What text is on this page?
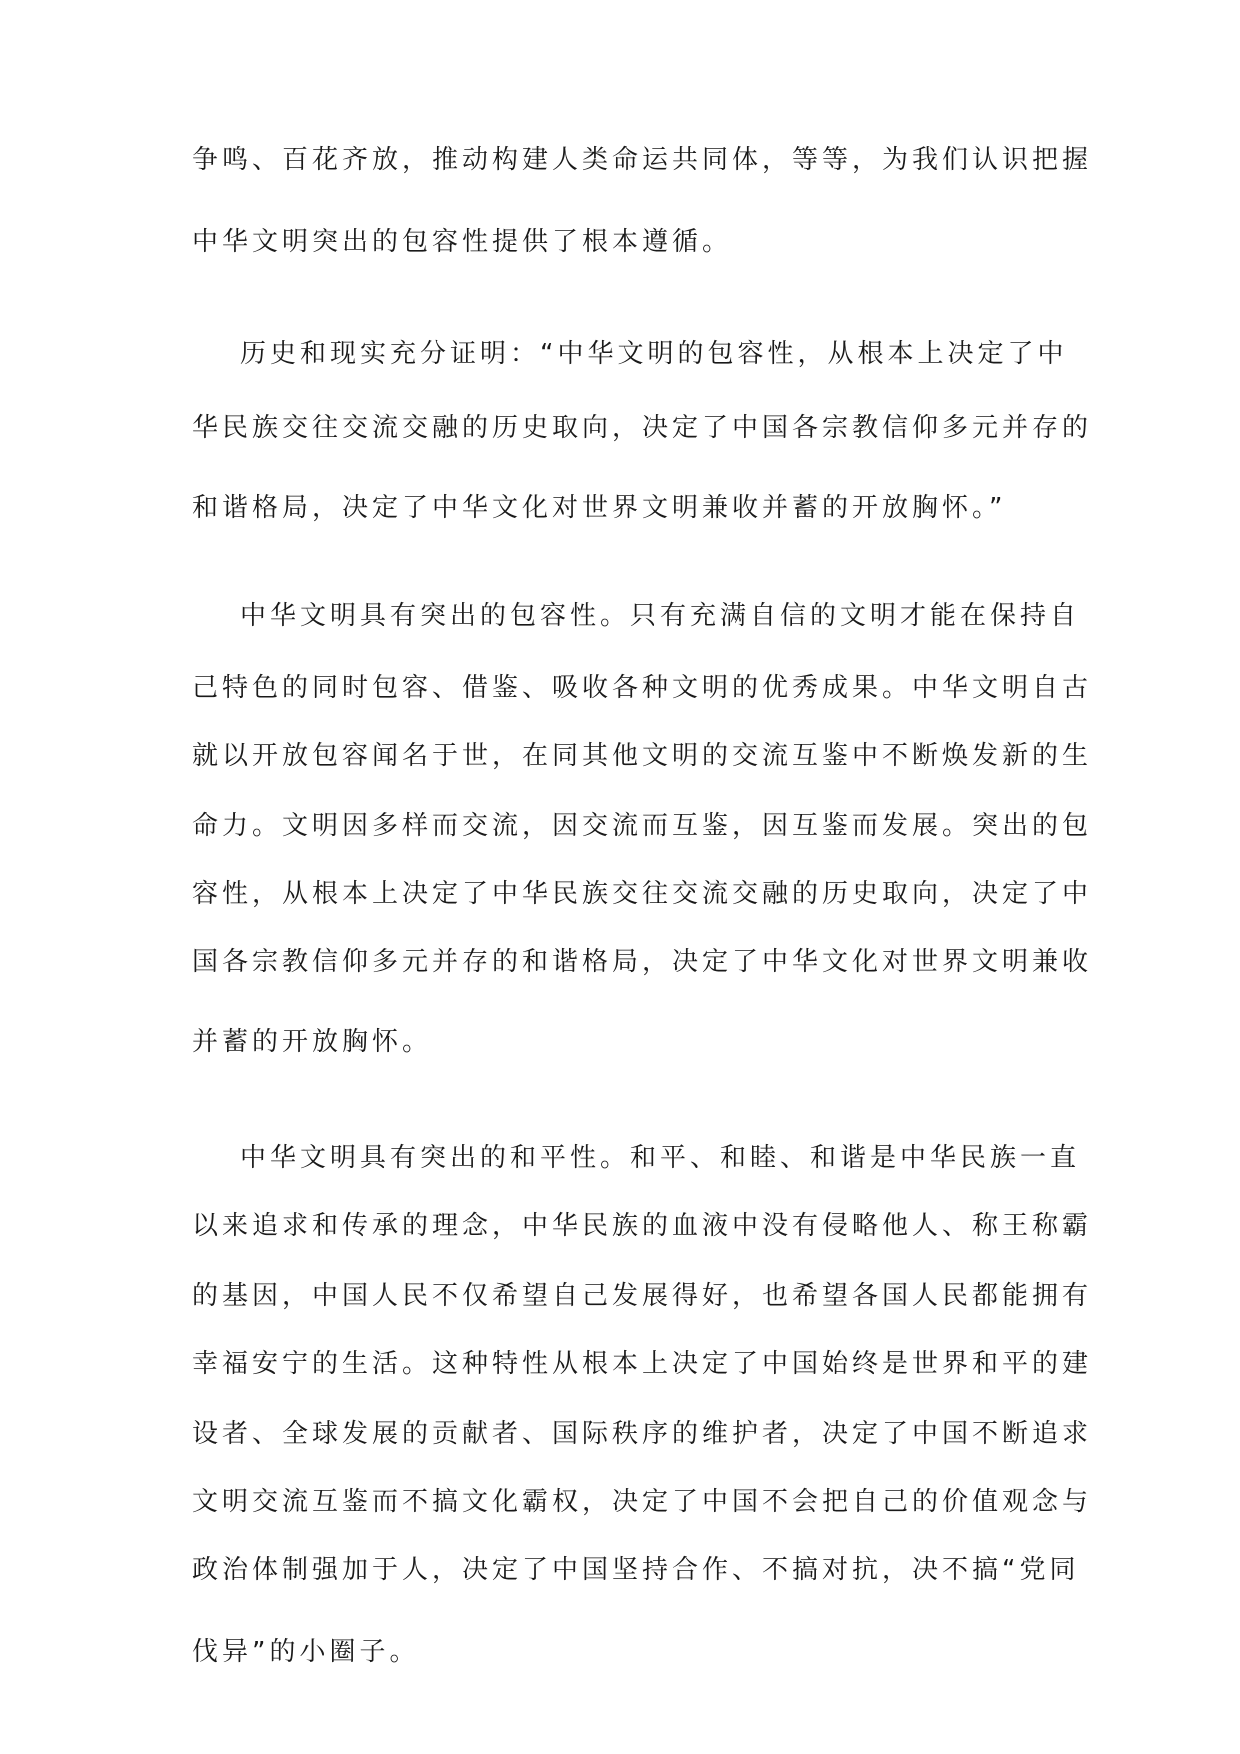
争鸣、百花齐放，推动构建人类命运共同体，等等，为我们认识把握

中华文明突出的包容性提供了根本遵循。

历史和现实充分证明：“中华文明的包容性，从根本上决定了中

华民族交往交流交融的历史取向，决定了中国各宗教信仰多元并存的

和谐格局，决定了中华文化对世界文明兼收并蓄的开放胸怀。”

中华文明具有突出的包容性。只有充满自信的文明才能在保持自

己特色的同时包容、借鉴、吸收各种文明的优秀成果。中华文明自古

就以开放包容闻名于世，在同其他文明的交流互鉴中不断焕发新的生

命力。文明因多样而交流，因交流而互鉴，因互鉴而发展。突出的包

容性，从根本上决定了中华民族交往交流交融的历史取向，决定了中

国各宗教信仰多元并存的和谐格局，决定了中华文化对世界文明兼收

并蓄的开放胸怀。

中华文明具有突出的和平性。和平、和睦、和谐是中华民族一直

以来追求和传承的理念，中华民族的血液中没有侵略他人、称王称霸

的基因，中国人民不仅希望自己发展得好，也希望各国人民都能拥有

幸福安宁的生活。这种特性从根本上决定了中国始终是世界和平的建

设者、全球发展的贡献者、国际秩序的维护者，决定了中国不断追求

文明交流互鉴而不搞文化霸权，决定了中国不会把自己的价值观念与

政治体制强加于人，决定了中国坚持合作、不搞对抗，决不搞“党同

伐异”的小圈子。
